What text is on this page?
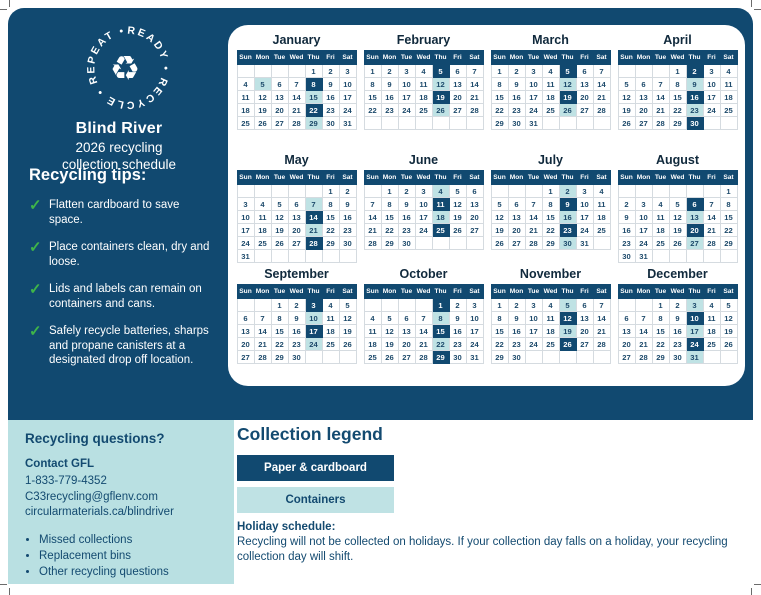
READY • RECYCLE • REPEAT •
♻
Blind River
2026 recycling
collection schedule
Recycling tips:
✓ Flatten cardboard to save space.
✓ Place containers clean, dry and loose.
✓ Lids and labels can remain on containers and cans.
✓ Safely recycle batteries, sharps and propane canisters at a designated drop off location.
January
Sun	Mon	Tue	Wed	Thu	Fri	Sat
				1	2	3
4	5	6	7	8	9	10
11	12	13	14	15	16	17
18	19	20	21	22	23	24
25	26	27	28	29	30	31
February
Sun	Mon	Tue	Wed	Thu	Fri	Sat
1	2	3	4	5	6	7
8	9	10	11	12	13	14
15	16	17	18	19	20	21
22	23	24	25	26	27	28

March
Sun	Mon	Tue	Wed	Thu	Fri	Sat
1	2	3	4	5	6	7
8	9	10	11	12	13	14
15	16	17	18	19	20	21
22	23	24	25	26	27	28
29	30	31				
April
Sun	Mon	Tue	Wed	Thu	Fri	Sat
			1	2	3	4
5	6	7	8	9	10	11
12	13	14	15	16	17	18
19	20	21	22	23	24	25
26	27	28	29	30		
May
Sun	Mon	Tue	Wed	Thu	Fri	Sat
					1	2
3	4	5	6	7	8	9
10	11	12	13	14	15	16
17	18	19	20	21	22	23
24	25	26	27	28	29	30
31						
June
Sun	Mon	Tue	Wed	Thu	Fri	Sat
	1	2	3	4	5	6
7	8	9	10	11	12	13
14	15	16	17	18	19	20
21	22	23	24	25	26	27
28	29	30				
July
Sun	Mon	Tue	Wed	Thu	Fri	Sat
			1	2	3	4
5	6	7	8	9	10	11
12	13	14	15	16	17	18
19	20	21	22	23	24	25
26	27	28	29	30	31	
August
Sun	Mon	Tue	Wed	Thu	Fri	Sat
						1
2	3	4	5	6	7	8
9	10	11	12	13	14	15
16	17	18	19	20	21	22
23	24	25	26	27	28	29
30	31					
September
Sun	Mon	Tue	Wed	Thu	Fri	Sat
		1	2	3	4	5
6	7	8	9	10	11	12
13	14	15	16	17	18	19
20	21	22	23	24	25	26
27	28	29	30			
October
Sun	Mon	Tue	Wed	Thu	Fri	Sat
				1	2	3
4	5	6	7	8	9	10
11	12	13	14	15	16	17
18	19	20	21	22	23	24
25	26	27	28	29	30	31
November
Sun	Mon	Tue	Wed	Thu	Fri	Sat
1	2	3	4	5	6	7
8	9	10	11	12	13	14
15	16	17	18	19	20	21
22	23	24	25	26	27	28
29	30					
December
Sun	Mon	Tue	Wed	Thu	Fri	Sat
		1	2	3	4	5
6	7	8	9	10	11	12
13	14	15	16	17	18	19
20	21	22	23	24	25	26
27	28	29	30	31		
Recycling questions?
Contact GFL
1-833-779-4352
C33recycling@gflenv.com
circularmaterials.ca/blindriver
• Missed collections
• Replacement bins
• Other recycling questions
Collection legend
Paper & cardboard
Containers
Holiday schedule:
Recycling will not be collected on holidays. If your collection day falls on a holiday, your recycling collection day will shift.
